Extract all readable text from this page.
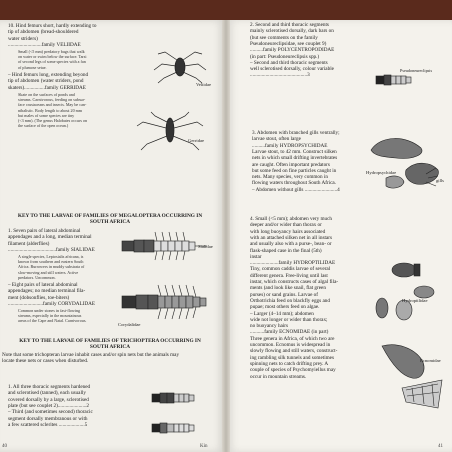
10. Hind femurs short, hardly extending to
tip of abdomen (bread-shouldered
water striders)
..........................family VELIIDAE
Small (<5 mm) predatory bugs that walk
on water or swim below the surface. Tarsi
of second legs of some species with a fan
of plumose setae.
– Hind femurs long, extending beyond
tip of abdomen (water striders, pond
skaters)................family GERRIDAE
Skate on the surfaces of ponds and
streams. Carnivorous, feeding on subsur-
face crustaceans and insects. May be can-
nibalistic. Body length to about 20 mm
but males of some species are tiny
(<3 mm). (The genus Halobates occurs on
the surface of the open ocean.)
1. Seven pairs of lateral abdominal
appendages and a long, median terminal
filament (alderflies)
.....................................family SIALIDAE
A single species, Leptosialis africana, is
known from southern and eastern South
Africa. Burrowers in muddy substrata of
slow-moving and still waters. Active
predators. Uncommon.
– Eight pairs of lateral abdominal
appendages; no median terminal fila-
ment (dobsonflies, toe-biters)
...........................family CORYDALIDAE
Common under stones in fast-flowing
streams, especially in the mountainous
areas of the Cape and Natal. Carnivorous.
Note that some trichopteran larvae inhabit cases and/or spin nets but the animals may
locate these nets or cases when disturbed.
1. All three thoracic segments hardened
and sclerotised (tanned), each usually
covered dorsally by a large, sclerotised
plate (but see couplet 2)......................2
– Third (and sometimes second) thoracic
segment dorsally membranous or with
a few scattered sclerites ....................5
KEY TO THE LARVAE OF FAMILIES OF MEGALOPTERA OCCURRING IN
SOUTH AFRICA
KEY TO THE LARVAE OF FAMILIES OF TRICHOPTERA OCCURRING IN
SOUTH AFRICA
Veliidae
Gerridae
Sialidae
Corydalidae
40	Kin
2. Second and third thoracic segments
mainly sclerotised dorsally, dark bars on
(but see comments on the family
Pseudoneureclipsidae, see couplet 9)
..........family POLYCENTROPODIDAE
(in part: Pseudoneureclipsis spp.)
– Second and third thoracic segments
well sclerotised dorsally, colour variable
............................................3
3. Abdomen with branched gills ventrally;
larvae stout, often large
..........family HYDROPSYCHIDAE
Larvae stout, to 42 mm. Construct silken
nets in which small drifting invertebrates
are caught. Often important predators
but some feed on fine particles caught in
nets. Many species, very common in
flowing waters throughout South Africa.
– Abdomen without gills .........................4
4. Small (<5 mm); abdomen very much
deeper and/or wider than thorax or
with long buoyancy hairs associated
with an attached silken net in all instars
and usually also with a purse-, bean- or
flask-shaped case in the final (5th)
instar
......................family HYDROPTILIDAE
Tiny, common caddis larvae of several
different genera. Free-living until last
instar, which constructs cases of algal fila-
ments (and look like snail, flat green
purses) or sand grains. Larvae of
Orthotrichia feed on blackfly eggs and
pupae; most others feed on algae.
– Larger (4–14 mm); abdomen
wide not longer or wider than thorax;
no buoyancy hairs
...........family ECNOMIDAE (in part)
Three genera in Africa, of which two are
uncommon. Ecnomus is widespread in
slowly flowing and still waters, construct-
ing rambling silk tunnels and sometimes
spinning nets to catch drifting prey. A
couple of species of Psychomyiellus may
occur in mountain streams.
Pseudoneureclipsis
Hydropsychidae
gills
Hydroptilidae
Ecnomidae
41
